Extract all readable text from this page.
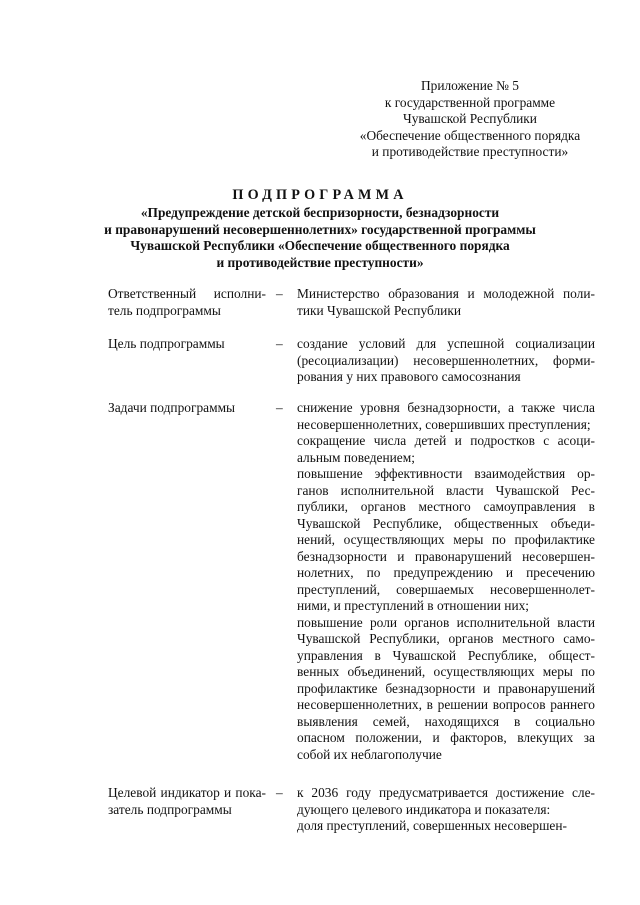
Приложение № 5
к государственной программе
Чувашской Республики
«Обеспечение общественного порядка
и противодействие преступности»
ПОДПРОГРАММА
«Предупреждение детской беспризорности, безнадзорности
и правонарушений несовершеннолетних» государственной программы
Чувашской Республики «Обеспечение общественного порядка
и противодействие преступности»
Ответственный исполнитель подпрограммы
– Министерство образования и молодежной политики Чувашской Республики

Цель подпрограммы	– создание условий для успешной социализации (ресоциализации) несовершеннолетних, формирования у них правового самосознания

Задачи подпрограммы	– снижение уровня безнадзорности, а также числа несовершеннолетних, совершивших преступления;

сокращение числа детей и подростков с асоциальным поведением;

повышение эффективности взаимодействия органов исполнительной власти Чувашской Республики, органов местного самоуправления в Чувашской Республике, общественных объединений, осуществляющих меры по профилактике безнадзорности и правонарушений несовершеннолетних, по предупреждению и пресечению преступлений, совершаемых несовершеннолетними, и преступлений в отношении них;

повышение роли органов исполнительной власти Чувашской Республики, органов местного самоуправления в Чувашской Республике, общественных объединений, осуществляющих меры по профилактике безнадзорности и правонарушений несовершеннолетних, в решении вопросов раннего выявления семей, находящихся в социально опасном положении, и факторов, влекущих за собой их неблагополучие

Целевой индикатор и показатель подпрограммы
– к 2036 году предусматривается достижение следующего целевого индикатора и показателя:

доля преступлений, совершенных несовершен-
